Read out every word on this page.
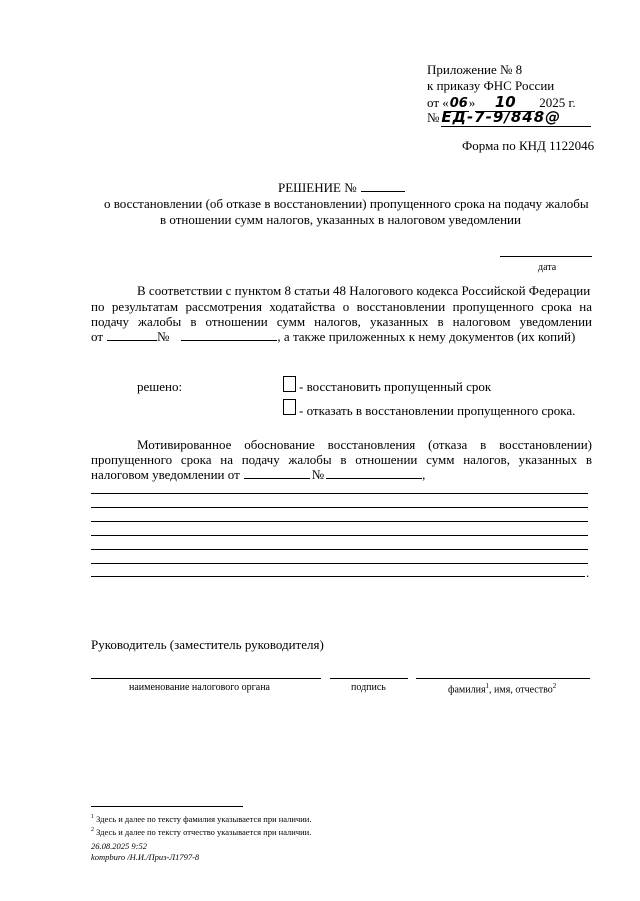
Приложение № 8
к приказу ФНС России
от «06» 10 2025 г.
№ ЕД-7-9/848@
Форма по КНД 1122046
РЕШЕНИЕ №
о восстановлении (об отказе в восстановлении) пропущенного срока на подачу жалобы
в отношении сумм налогов, указанных в налоговом уведомлении
дата
В соответствии с пунктом 8 статьи 48 Налогового кодекса Российской Федерации
по результатам рассмотрения ходатайства о восстановлении пропущенного срока на
подачу жалобы в отношении сумм налогов, указанных в налоговом уведомлении
от	№	, а также приложенных к нему документов (их копий)
решено:	- восстановить пропущенный срок
- отказать в восстановлении пропущенного срока.
Мотивированное обоснование восстановления (отказа в восстановлении)
пропущенного срока на подачу жалобы в отношении сумм налогов, указанных в
налоговом уведомлении от	№	,
.
Руководитель (заместитель руководителя)
наименование налогового органа	подпись	фамилия$^1$, имя, отчество$^2$
$^1$ Здесь и далее по тексту фамилия указывается при наличии.
$^2$ Здесь и далее по тексту отчество указывается при наличии.
26.08.2025 9:52
kompburo /Н.И./Приз-Л1797-8
